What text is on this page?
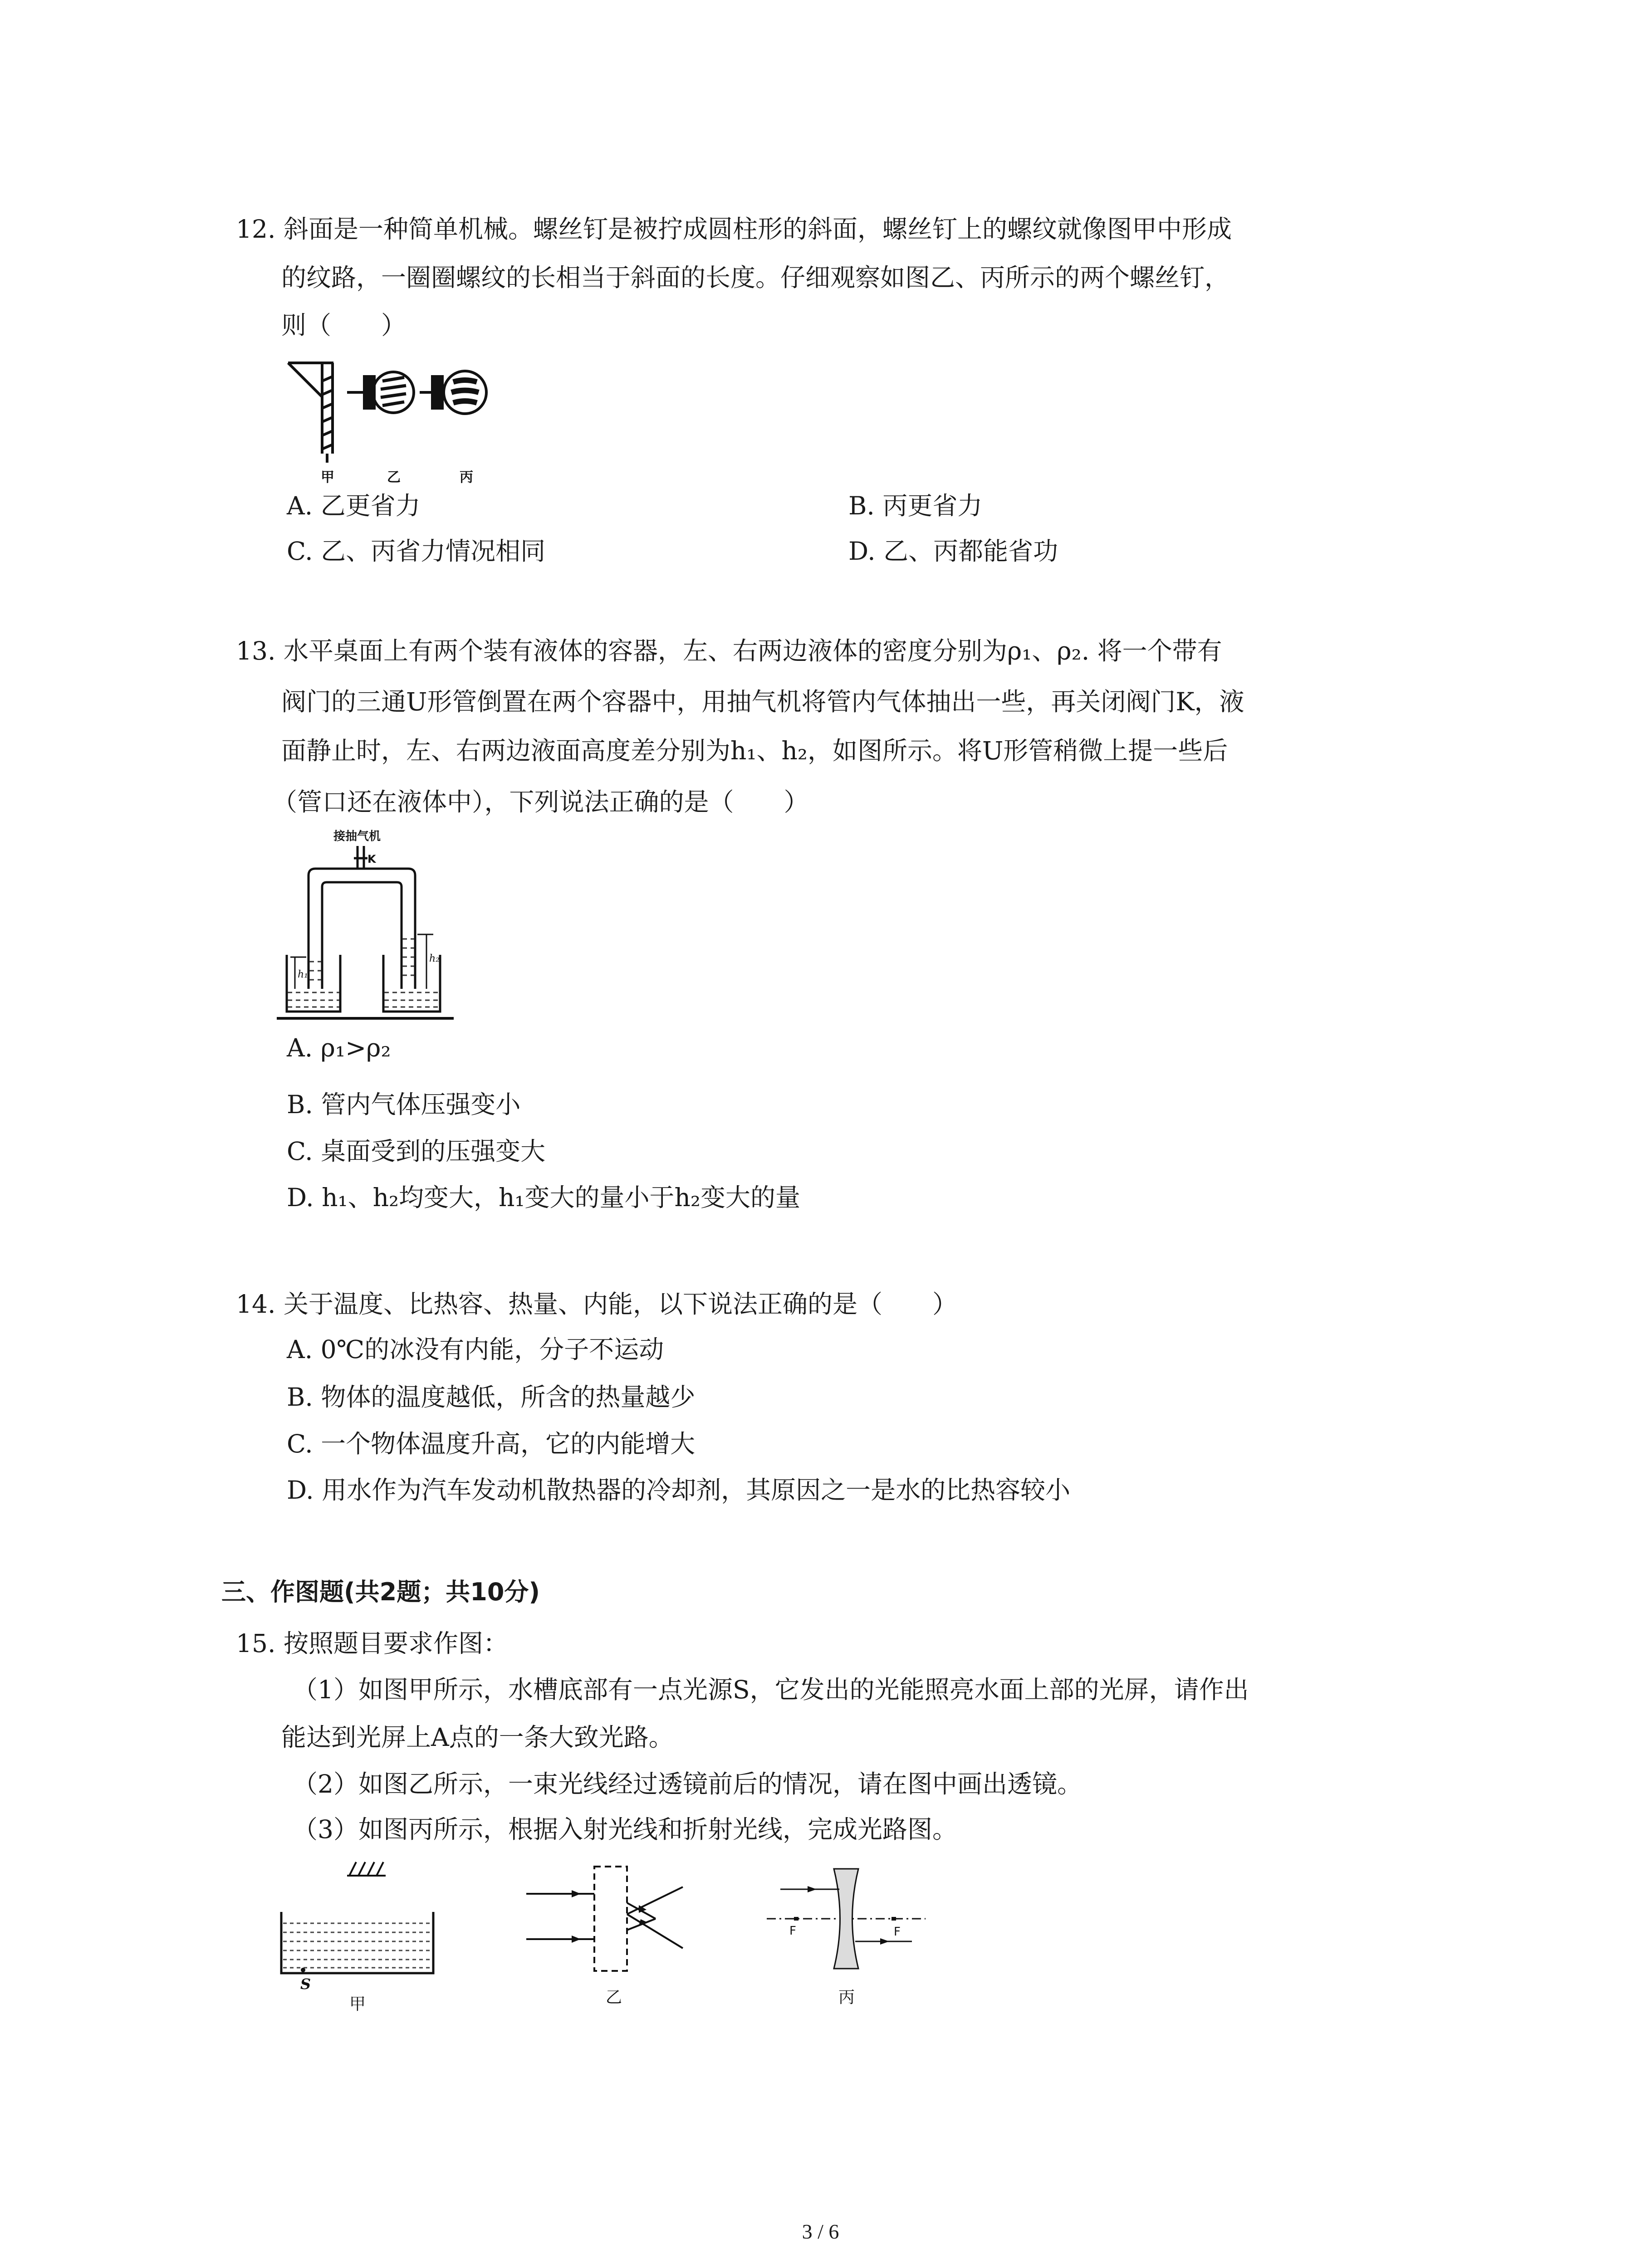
12. 斜面是一种简单机械。螺丝钉是被拧成圆柱形的斜面，螺丝钉上的螺纹就像图甲中形成
的纹路，一圈圈螺纹的长相当于斜面的长度。仔细观察如图乙、丙所示的两个螺丝钉，
则（　　）
甲	乙	丙
A. 乙更省力	B. 丙更省力
C. 乙、丙省力情况相同	D. 乙、丙都能省功
13. 水平桌面上有两个装有液体的容器，左、右两边液体的密度分别为ρ₁、ρ₂. 将一个带有
阀门的三通U形管倒置在两个容器中，用抽气机将管内气体抽出一些，再关闭阀门K，液
面静止时，左、右两边液面高度差分别为h₁、h₂，如图所示。将U形管稍微上提一些后
（管口还在液体中），下列说法正确的是（　　）
接抽气机
h₁
h₂
K
A. ρ₁>ρ₂
B. 管内气体压强变小
C. 桌面受到的压强变大
D. h₁、h₂均变大，h₁变大的量小于h₂变大的量
14. 关于温度、比热容、热量、内能，以下说法正确的是（　　）
A. 0℃的冰没有内能，分子不运动
B. 物体的温度越低，所含的热量越少
C. 一个物体温度升高，它的内能增大
D. 用水作为汽车发动机散热器的冷却剂，其原因之一是水的比热容较小
三、作图题(共2题；共10分)
15. 按照题目要求作图：
（1）如图甲所示，水槽底部有一点光源S，它发出的光能照亮水面上部的光屏，请作出
能达到光屏上A点的一条大致光路。
（2）如图乙所示，一束光线经过透镜前后的情况，请在图中画出透镜。
（3）如图丙所示，根据入射光线和折射光线，完成光路图。
S
甲	乙
F	F
丙
3 / 6
